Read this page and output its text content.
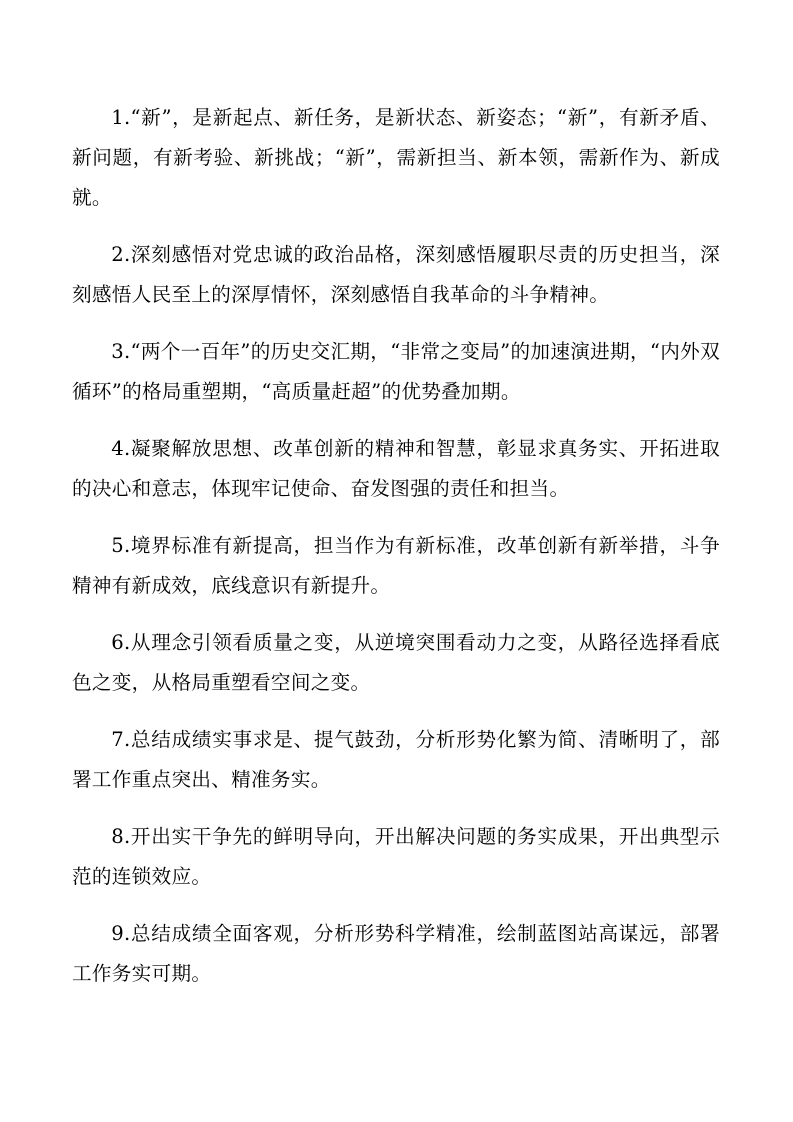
1.“新”，是新起点、新任务，是新状态、新姿态；“新”，有新矛盾、新问题，有新考验、新挑战；“新”，需新担当、新本领，需新作为、新成就。

2.深刻感悟对党忠诚的政治品格，深刻感悟履职尽责的历史担当，深刻感悟人民至上的深厚情怀，深刻感悟自我革命的斗争精神。

3.“两个一百年”的历史交汇期，“非常之变局”的加速演进期，“内外双循环”的格局重塑期，“高质量赶超”的优势叠加期。

4.凝聚解放思想、改革创新的精神和智慧，彰显求真务实、开拓进取的决心和意志，体现牢记使命、奋发图强的责任和担当。

5.境界标准有新提高，担当作为有新标准，改革创新有新举措，斗争精神有新成效，底线意识有新提升。

6.从理念引领看质量之变，从逆境突围看动力之变，从路径选择看底色之变，从格局重塑看空间之变。

7.总结成绩实事求是、提气鼓劲，分析形势化繁为简、清晰明了，部署工作重点突出、精准务实。

8.开出实干争先的鲜明导向，开出解决问题的务实成果，开出典型示范的连锁效应。

9.总结成绩全面客观，分析形势科学精准，绘制蓝图站高谋远，部署工作务实可期。
